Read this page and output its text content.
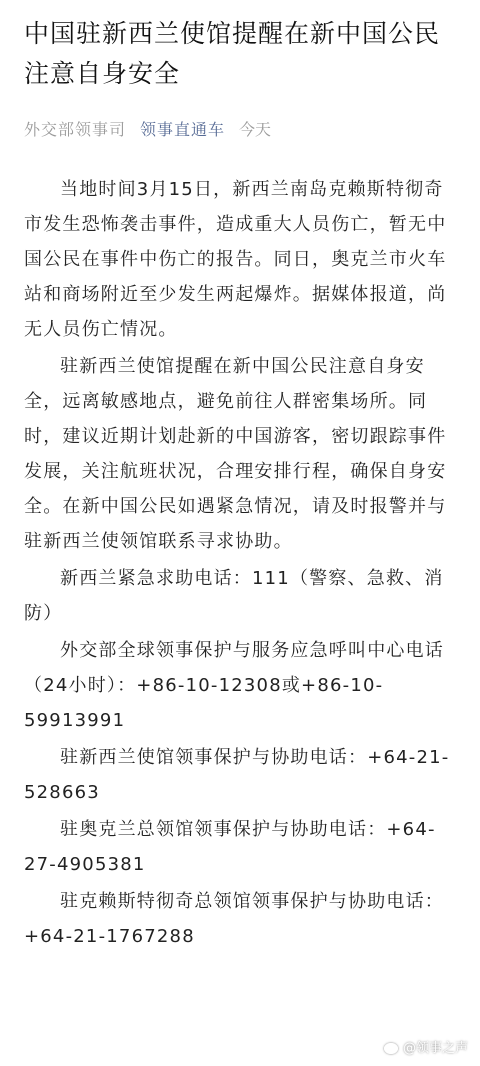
中国驻新西兰使馆提醒在新中国公民注意自身安全
外交部领事司 领事直通车 今天

当地时间3月15日，新西兰南岛克赖斯特彻奇市发生恐怖袭击事件，造成重大人员伤亡，暂无中国公民在事件中伤亡的报告。同日，奥克兰市火车站和商场附近至少发生两起爆炸。据媒体报道，尚无人员伤亡情况。

驻新西兰使馆提醒在新中国公民注意自身安全，远离敏感地点，避免前往人群密集场所。同时，建议近期计划赴新的中国游客，密切跟踪事件发展，关注航班状况，合理安排行程，确保自身安全。在新中国公民如遇紧急情况，请及时报警并与驻新西兰使领馆联系寻求协助。

新西兰紧急求助电话：111（警察、急救、消防）

外交部全球领事保护与服务应急呼叫中心电话（24小时）：+86-10-12308或+86-10-59913991

驻新西兰使馆领事保护与协助电话：+64-21-528663

驻奥克兰总领馆领事保护与协助电话：+64-27-4905381

驻克赖斯特彻奇总领馆领事保护与协助电话：+64-21-1767288

@领事之声
